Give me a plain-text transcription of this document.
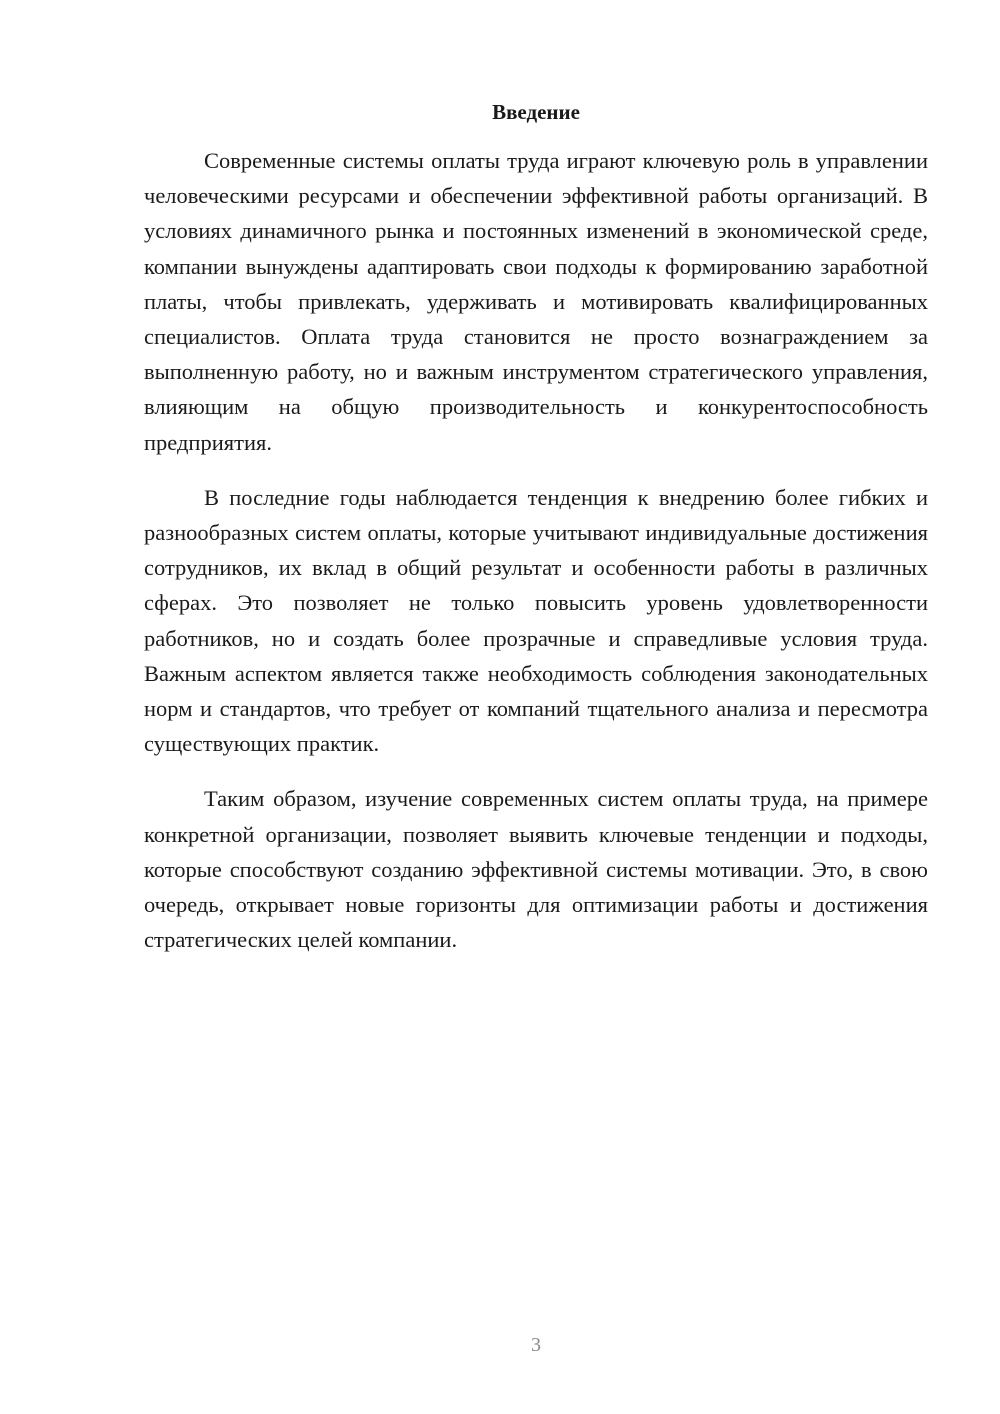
Введение

Современные системы оплаты труда играют ключевую роль в управлении человеческими ресурсами и обеспечении эффективной работы организаций. В условиях динамичного рынка и постоянных изменений в экономической среде, компании вынуждены адаптировать свои подходы к формированию заработной платы, чтобы привлекать, удерживать и мотивировать квалифицированных специалистов. Оплата труда становится не просто вознаграждением за выполненную работу, но и важным инструментом стратегического управления, влияющим на общую производительность и конкурентоспособность предприятия.

В последние годы наблюдается тенденция к внедрению более гибких и разнообразных систем оплаты, которые учитывают индивидуальные достижения сотрудников, их вклад в общий результат и особенности работы в различных сферах. Это позволяет не только повысить уровень удовлетворенности работников, но и создать более прозрачные и справедливые условия труда. Важным аспектом является также необходимость соблюдения законодательных норм и стандартов, что требует от компаний тщательного анализа и пересмотра существующих практик.

Таким образом, изучение современных систем оплаты труда, на примере конкретной организации, позволяет выявить ключевые тенденции и подходы, которые способствуют созданию эффективной системы мотивации. Это, в свою очередь, открывает новые горизонты для оптимизации работы и достижения стратегических целей компании.

3
